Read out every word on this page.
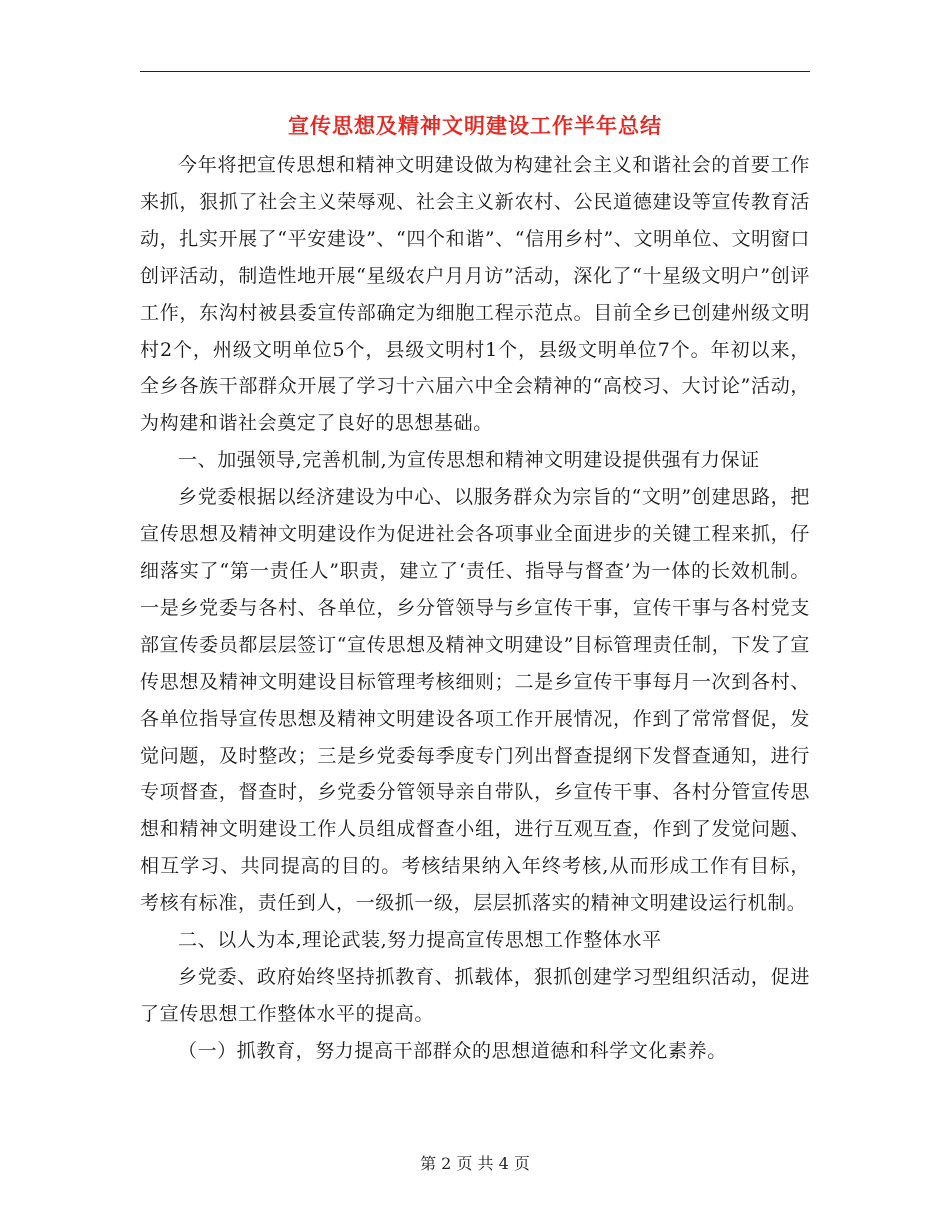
宣传思想及精神文明建设工作半年总结

今年将把宣传思想和精神文明建设做为构建社会主义和谐社会的首要工作来抓，狠抓了社会主义荣辱观、社会主义新农村、公民道德建设等宣传教育活动，扎实开展了“平安建设”、“四个和谐”、“信用乡村”、文明单位、文明窗口创评活动，制造性地开展“星级农户月月访”活动，深化了“十星级文明户”创评工作，东沟村被县委宣传部确定为细胞工程示范点。目前全乡已创建州级文明村2个，州级文明单位5个，县级文明村1个，县级文明单位7个。年初以来，全乡各族干部群众开展了学习十六届六中全会精神的“高校习、大讨论”活动，为构建和谐社会奠定了良好的思想基础。

一、加强领导,完善机制,为宣传思想和精神文明建设提供强有力保证

乡党委根据以经济建设为中心、以服务群众为宗旨的“文明”创建思路，把宣传思想及精神文明建设作为促进社会各项事业全面进步的关键工程来抓，仔细落实了“第一责任人”职责，建立了‘责任、指导与督查’为一体的长效机制。一是乡党委与各村、各单位，乡分管领导与乡宣传干事，宣传干事与各村党支部宣传委员都层层签订“宣传思想及精神文明建设”目标管理责任制，下发了宣传思想及精神文明建设目标管理考核细则；二是乡宣传干事每月一次到各村、各单位指导宣传思想及精神文明建设各项工作开展情况，作到了常常督促，发觉问题，及时整改；三是乡党委每季度专门列出督查提纲下发督查通知，进行专项督查，督查时，乡党委分管领导亲自带队，乡宣传干事、各村分管宣传思想和精神文明建设工作人员组成督查小组，进行互观互查，作到了发觉问题、相互学习、共同提高的目的。考核结果纳入年终考核,从而形成工作有目标，考核有标准，责任到人，一级抓一级，层层抓落实的精神文明建设运行机制。

二、以人为本,理论武装,努力提高宣传思想工作整体水平

乡党委、政府始终坚持抓教育、抓载体，狠抓创建学习型组织活动，促进了宣传思想工作整体水平的提高。

（一）抓教育，努力提高干部群众的思想道德和科学文化素养。

第 2 页 共 4 页
